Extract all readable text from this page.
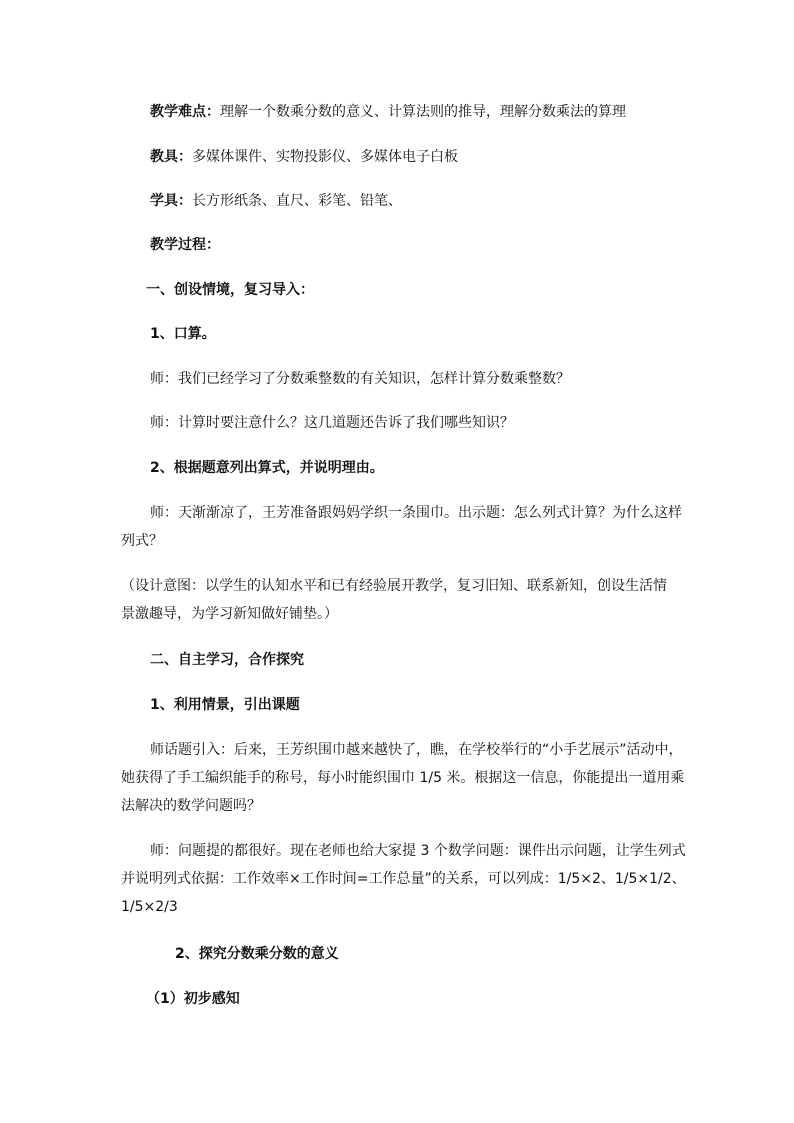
教学难点：理解一个数乘分数的意义、计算法则的推导，理解分数乘法的算理

教具：多媒体课件、实物投影仪、多媒体电子白板

学具：长方形纸条、直尺、彩笔、铅笔、

教学过程：

一、创设情境，复习导入：

1、口算。

师：我们已经学习了分数乘整数的有关知识，怎样计算分数乘整数？

师：计算时要注意什么？这几道题还告诉了我们哪些知识？

2、根据题意列出算式，并说明理由。

师：天渐渐凉了，王芳准备跟妈妈学织一条围巾。出示题：怎么列式计算？为什么这样

列式？

（设计意图：以学生的认知水平和已有经验展开教学，复习旧知、联系新知，创设生活情

景激趣导，为学习新知做好铺垫。）

二、自主学习，合作探究

1、利用情景，引出课题

师话题引入：后来，王芳织围巾越来越快了，瞧，在学校举行的“小手艺展示”活动中，

她获得了手工编织能手的称号，每小时能织围巾 1/5 米。根据这一信息，你能提出一道用乘

法解决的数学问题吗？

师：问题提的都很好。现在老师也给大家提 3 个数学问题：课件出示问题，让学生列式

并说明列式依据：工作效率×工作时间=工作总量”的关系，可以列成：1/5×2、1/5×1/2、

1/5×2/3

2、探究分数乘分数的意义

（1）初步感知
